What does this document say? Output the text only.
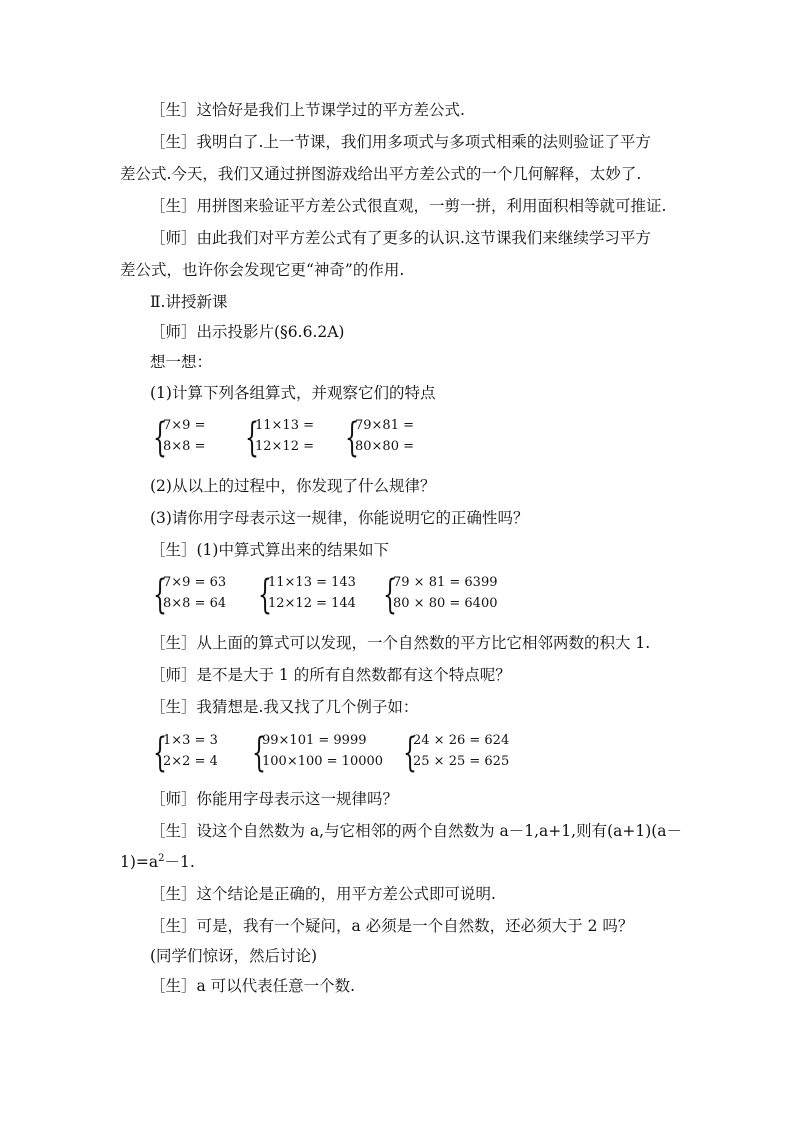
［生］这恰好是我们上节课学过的平方差公式.
［生］我明白了.上一节课，我们用多项式与多项式相乘的法则验证了平方
差公式.今天，我们又通过拼图游戏给出平方差公式的一个几何解释，太妙了.
［生］用拼图来验证平方差公式很直观，一剪一拼，利用面积相等就可推证.
［师］由此我们对平方差公式有了更多的认识.这节课我们来继续学习平方
差公式，也许你会发现它更“神奇”的作用.
Ⅱ.讲授新课
［师］出示投影片(§6.6.2A)
想一想：
(1)计算下列各组算式，并观察它们的特点
{
7×9 =
8×8 = {
11×13 =
12×12 = {
79×81 =
80×80 =
(2)从以上的过程中，你发现了什么规律？
(3)请你用字母表示这一规律，你能说明它的正确性吗？
［生］(1)中算式算出来的结果如下
{
7×9 = 63
8×8 = 64 {
11×13 = 143
12×12 = 144 {
79 × 81 = 6399
80 × 80 = 6400
［生］从上面的算式可以发现，一个自然数的平方比它相邻两数的积大 1.
［师］是不是大于 1 的所有自然数都有这个特点呢？
［生］我猜想是.我又找了几个例子如：
{
1×3 = 3
2×2 = 4 {
99×101 = 9999
100×100 = 10000 {
24 × 26 = 624
25 × 25 = 625
［师］你能用字母表示这一规律吗？
［生］设这个自然数为 a,与它相邻的两个自然数为 a－1,a+1,则有(a+1)(a－
$1)=a^2-1$.
［生］这个结论是正确的，用平方差公式即可说明.
［生］可是，我有一个疑问，a 必须是一个自然数，还必须大于 2 吗？
(同学们惊讶，然后讨论)
［生］a 可以代表任意一个数.
